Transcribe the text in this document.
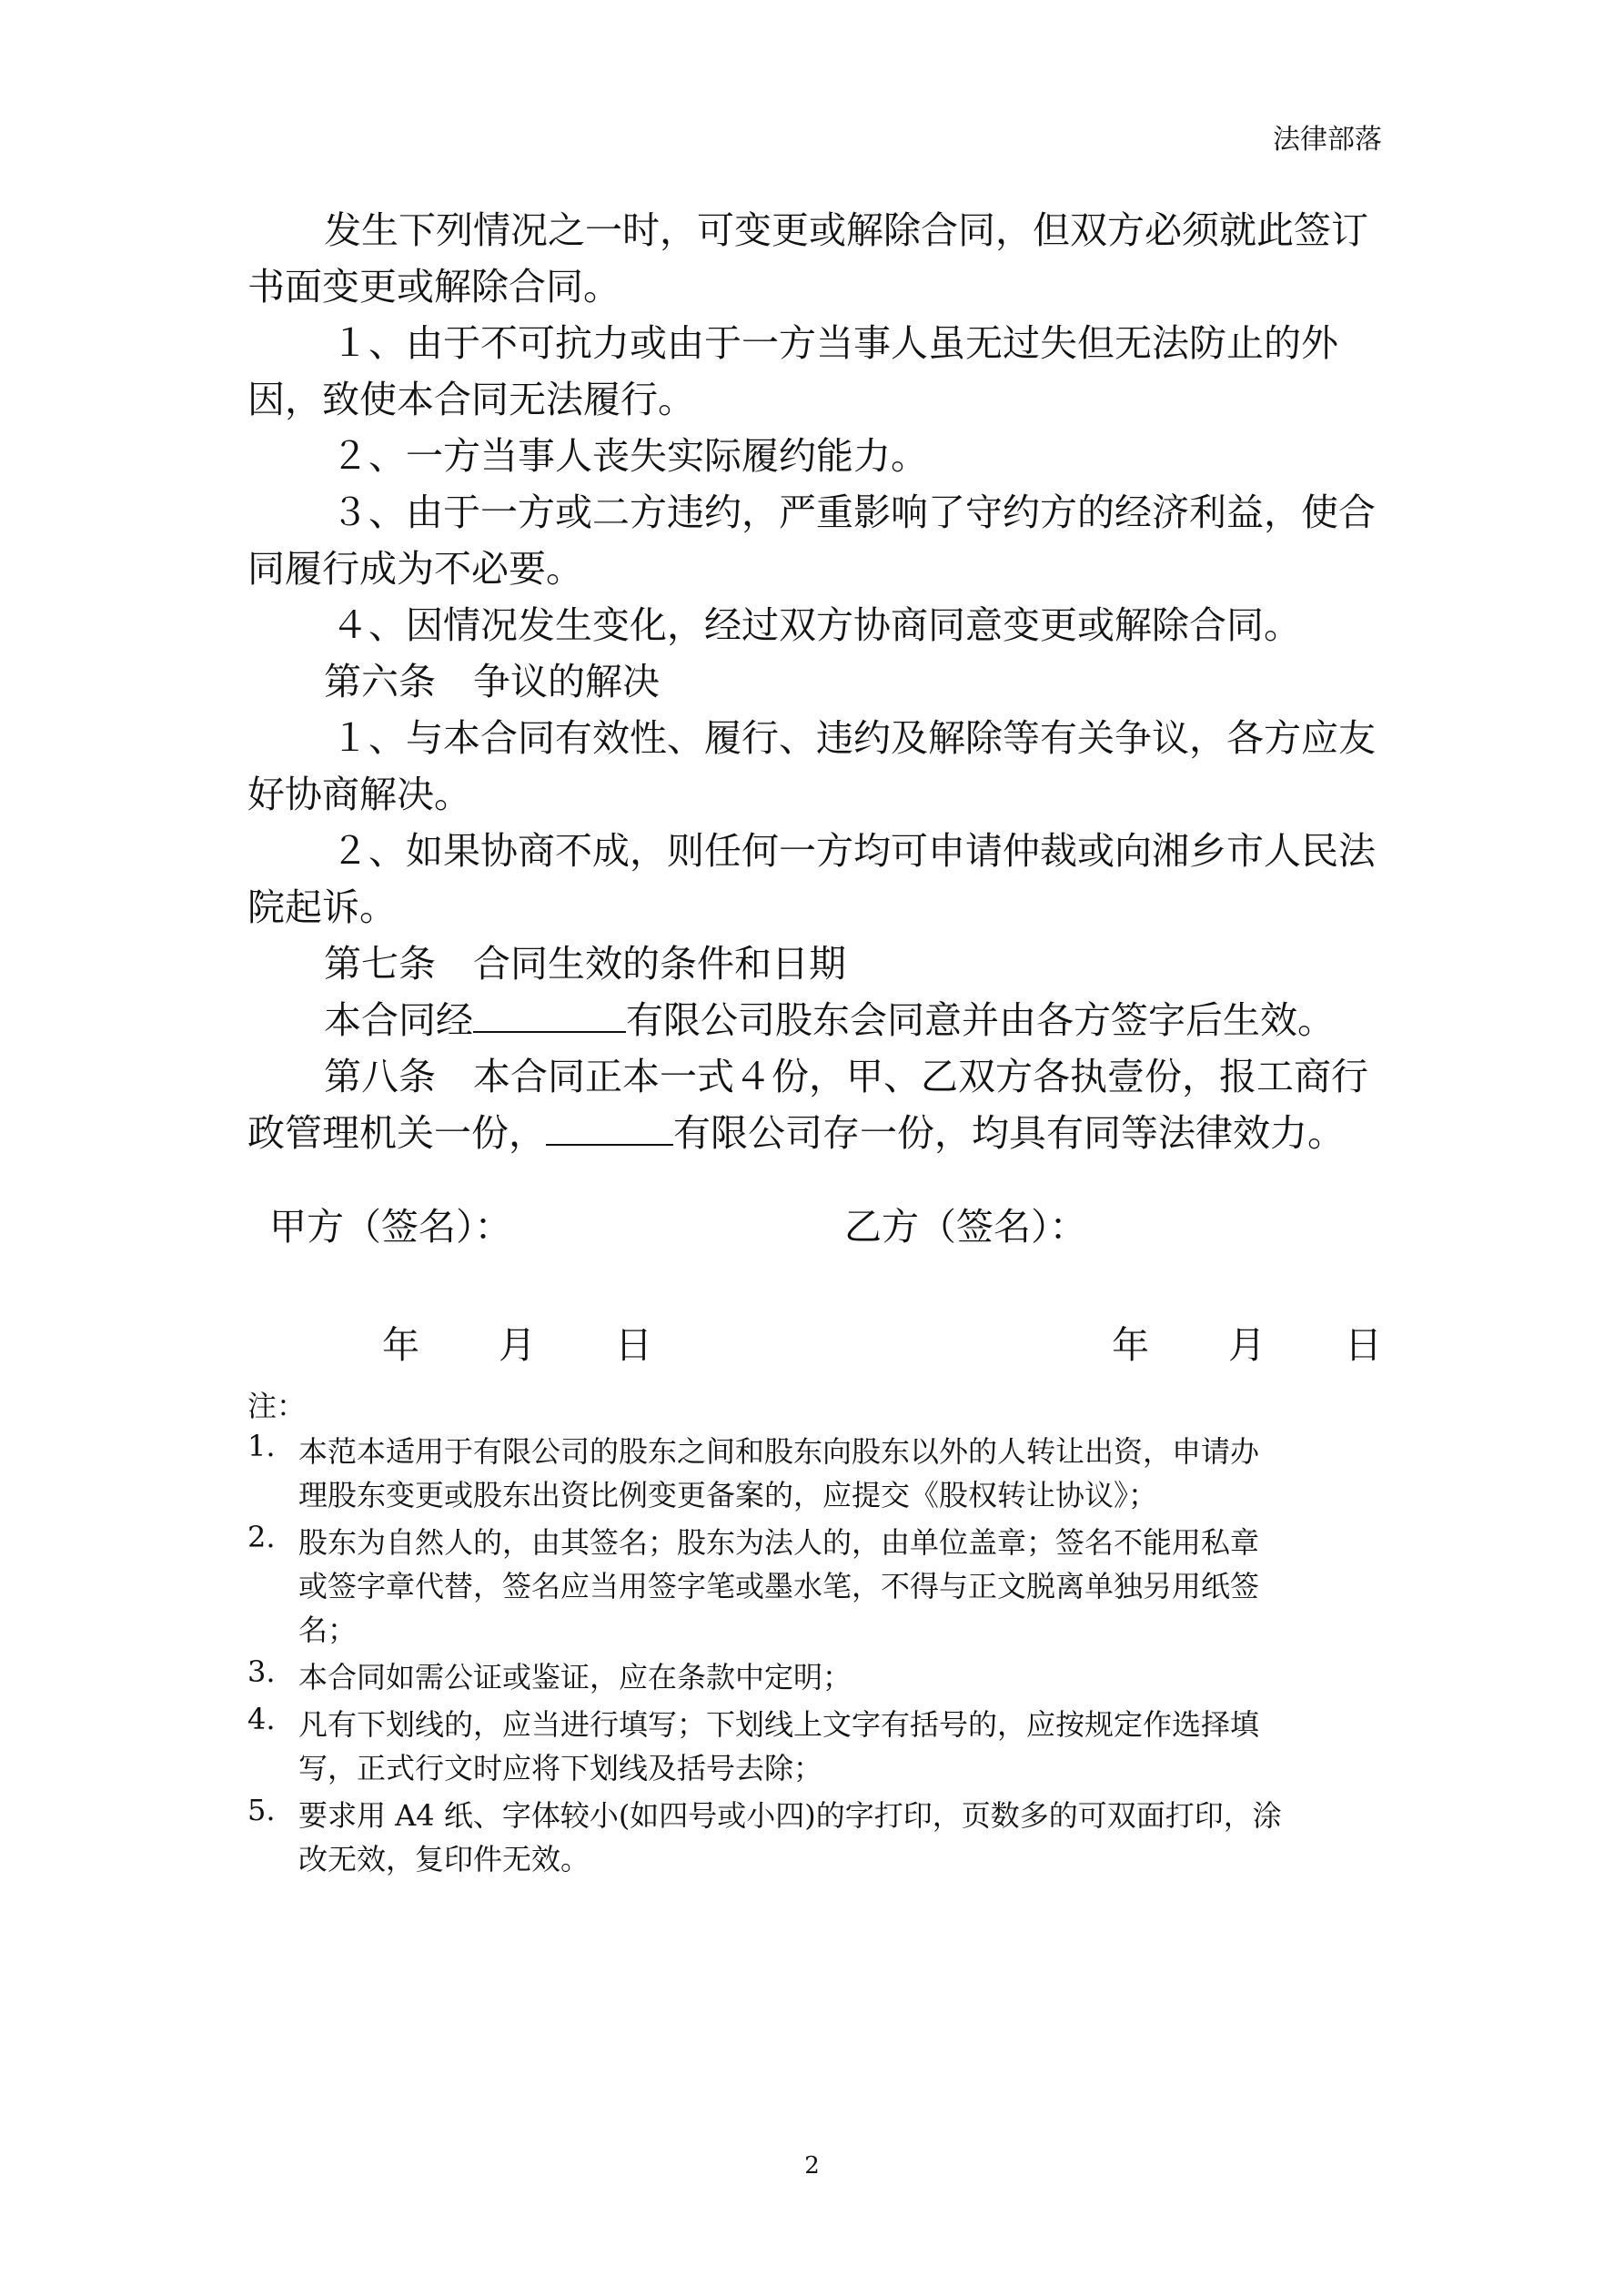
法律部落
发生下列情况之一时，可变更或解除合同，但双方必须就此签订
书面变更或解除合同。
１、由于不可抗力或由于一方当事人虽无过失但无法防止的外
因，致使本合同无法履行。
２、一方当事人丧失实际履约能力。
３、由于一方或二方违约，严重影响了守约方的经济利益，使合
同履行成为不必要。
４、因情况发生变化，经过双方协商同意变更或解除合同。
第六条　争议的解决
１、与本合同有效性、履行、违约及解除等有关争议，各方应友
好协商解决。
２、如果协商不成，则任何一方均可申请仲裁或向湘乡市人民法
院起诉。
第七条　合同生效的条件和日期
本合同经	有限公司股东会同意并由各方签字后生效。
第八条　本合同正本一式４份，甲、乙双方各执壹份，报工商行
政管理机关一份，	有限公司存一份，均具有同等法律效力。
甲方（签名）：	乙方（签名）：
年 月 日	年 月 日
注：
1. 本范本适用于有限公司的股东之间和股东向股东以外的人转让出资，申请办
理股东变更或股东出资比例变更备案的，应提交《股权转让协议》；
2. 股东为自然人的，由其签名；股东为法人的，由单位盖章；签名不能用私章
或签字章代替，签名应当用签字笔或墨水笔，不得与正文脱离单独另用纸签
名；
3. 本合同如需公证或鉴证，应在条款中定明；
4. 凡有下划线的，应当进行填写；下划线上文字有括号的，应按规定作选择填
写，正式行文时应将下划线及括号去除；
5. 要求用 A4 纸、字体较小(如四号或小四)的字打印，页数多的可双面打印，涂
改无效，复印件无效。
2
